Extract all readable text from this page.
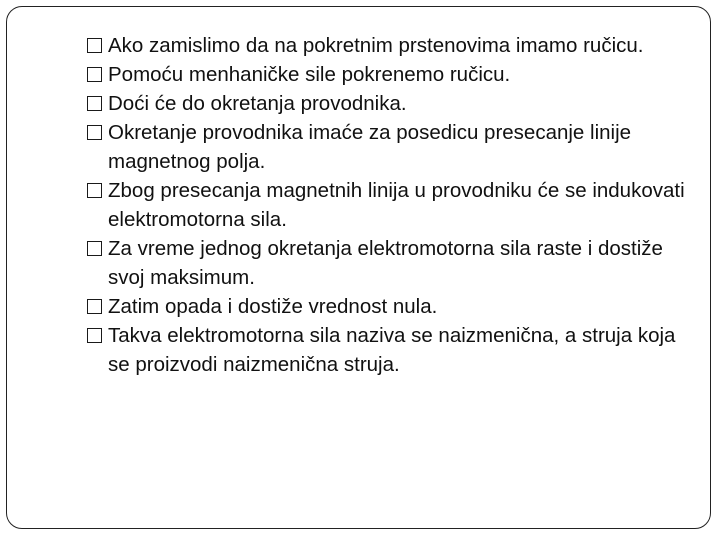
Ako zamislimo da na pokretnim prstenovima imamo ručicu.
Pomoću menhaničke sile pokrenemo ručicu.
Doći će do okretanja provodnika.
Okretanje provodnika imaće za posedicu presecanje linije magnetnog polja.
Zbog presecanja magnetnih linija u provodniku će se indukovati elektromotorna sila.
Za vreme jednog okretanja elektromotorna sila raste i dostiže svoj maksimum.
Zatim opada i dostiže vrednost nula.
Takva elektromotorna sila naziva se naizmenična, a struja koja se proizvodi naizmenična struja.
